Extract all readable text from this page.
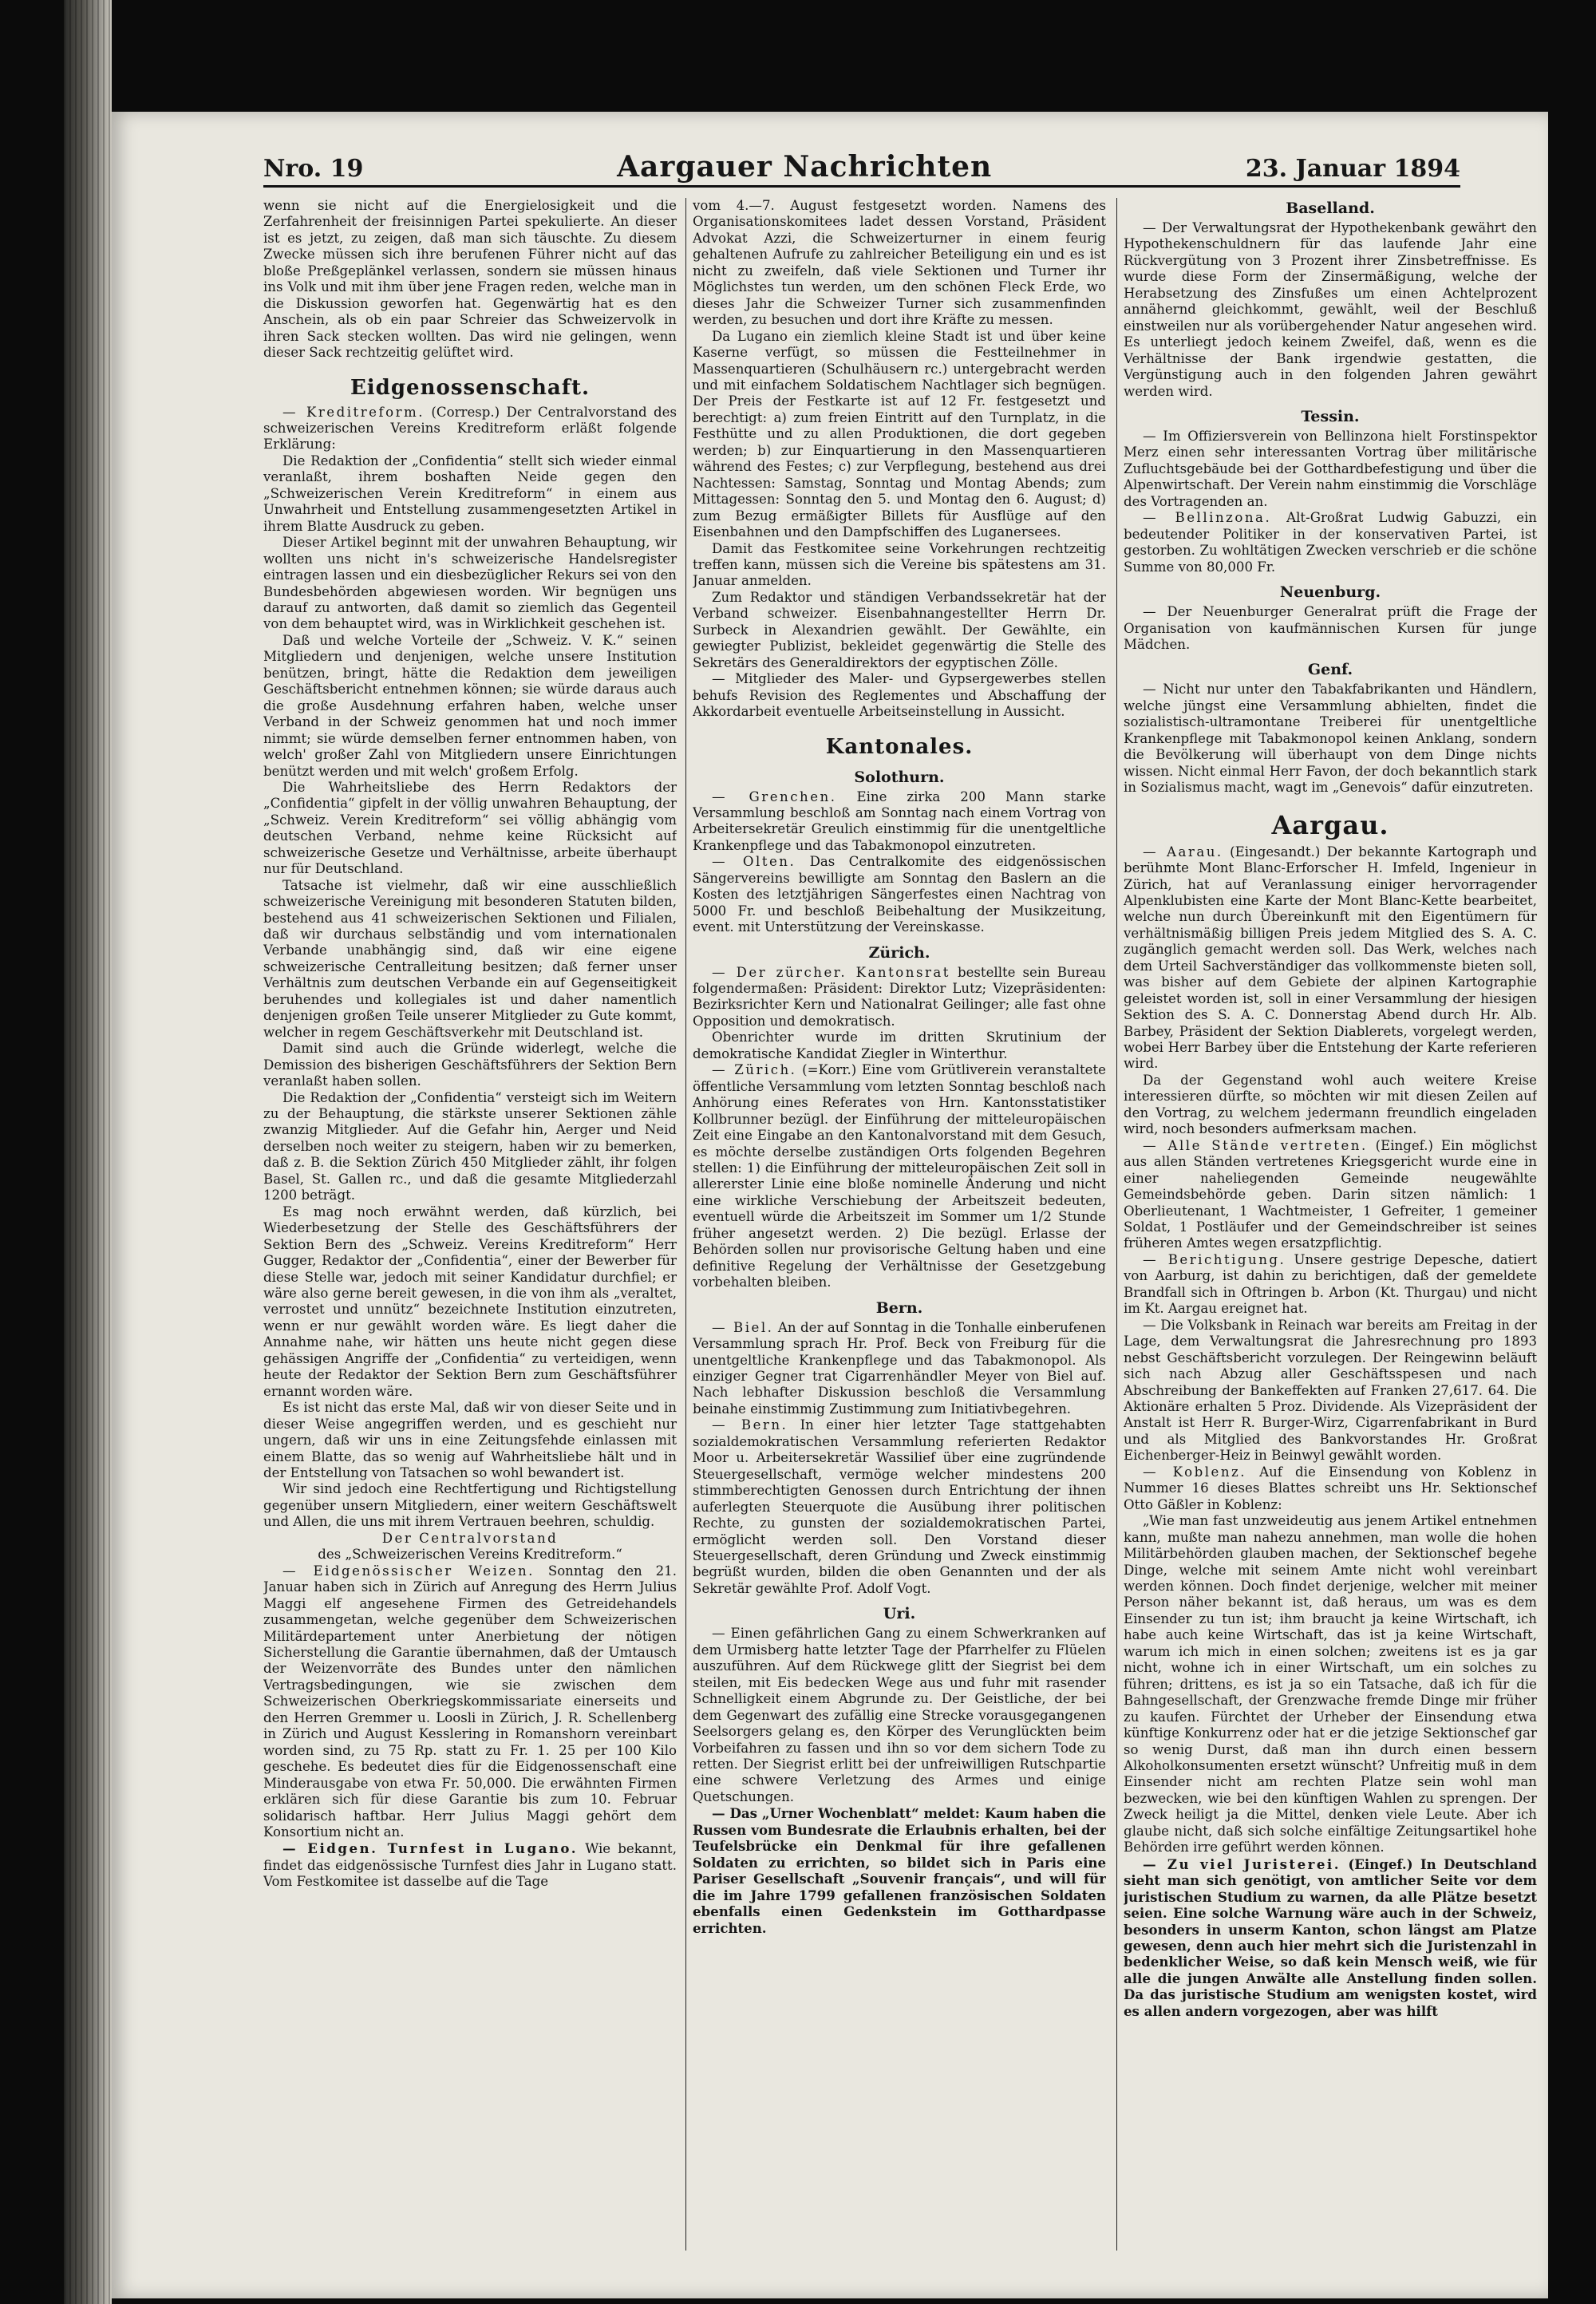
Nro. 19	Aargauer Nachrichten	23. Januar 1894

wenn sie nicht auf die Energielosigkeit und die Zerfahrenheit der freisinnigen Partei spekulierte. An dieser ist es jetzt, zu zeigen, daß man sich täuschte. Zu diesem Zwecke müssen sich ihre berufenen Führer nicht auf das bloße Preßgeplänkel verlassen, sondern sie müssen hinaus ins Volk und mit ihm über jene Fragen reden, welche man in die Diskussion geworfen hat. Gegenwärtig hat es den Anschein, als ob ein paar Schreier das Schweizervolk in ihren Sack stecken wollten. Das wird nie gelingen, wenn dieser Sack rechtzeitig gelüftet wird.

Eidgenossenschaft.

— Kreditreform. (Corresp.) Der Centralvorstand des schweizerischen Vereins Kreditreform erläßt folgende Erklärung:

Die Redaktion der „Confidentia“ stellt sich wieder einmal veranlaßt, ihrem boshaften Neide gegen den „Schweizerischen Verein Kreditreform“ in einem aus Unwahrheit und Entstellung zusammengesetzten Artikel in ihrem Blatte Ausdruck zu geben.

Dieser Artikel beginnt mit der unwahren Behauptung, wir wollten uns nicht in's schweizerische Handelsregister eintragen lassen und ein diesbezüglicher Rekurs sei von den Bundesbehörden abgewiesen worden. Wir begnügen uns darauf zu antworten, daß damit so ziemlich das Gegenteil von dem behauptet wird, was in Wirklichkeit geschehen ist.

Daß und welche Vorteile der „Schweiz. V. K.“ seinen Mitgliedern und denjenigen, welche unsere Institution benützen, bringt, hätte die Redaktion dem jeweiligen Geschäftsbericht entnehmen können; sie würde daraus auch die große Ausdehnung erfahren haben, welche unser Verband in der Schweiz genommen hat und noch immer nimmt; sie würde demselben ferner entnommen haben, von welch' großer Zahl von Mitgliedern unsere Einrichtungen benützt werden und mit welch' großem Erfolg.

Die Wahrheitsliebe des Herrn Redaktors der „Confidentia“ gipfelt in der völlig unwahren Behauptung, der „Schweiz. Verein Kreditreform“ sei völlig abhängig vom deutschen Verband, nehme keine Rücksicht auf schweizerische Gesetze und Verhältnisse, arbeite überhaupt nur für Deutschland.

Tatsache ist vielmehr, daß wir eine ausschließlich schweizerische Vereinigung mit besonderen Statuten bilden, bestehend aus 41 schweizerischen Sektionen und Filialen, daß wir durchaus selbständig und vom internationalen Verbande unabhängig sind, daß wir eine eigene schweizerische Centralleitung besitzen; daß ferner unser Verhältnis zum deutschen Verbande ein auf Gegenseitigkeit beruhendes und kollegiales ist und daher namentlich denjenigen großen Teile unserer Mitglieder zu Gute kommt, welcher in regem Geschäftsverkehr mit Deutschland ist.

Damit sind auch die Gründe widerlegt, welche die Demission des bisherigen Geschäftsführers der Sektion Bern veranlaßt haben sollen.

Die Redaktion der „Confidentia“ versteigt sich im Weitern zu der Behauptung, die stärkste unserer Sektionen zähle zwanzig Mitglieder. Auf die Gefahr hin, Aerger und Neid derselben noch weiter zu steigern, haben wir zu bemerken, daß z. B. die Sektion Zürich 450 Mitglieder zählt, ihr folgen Basel, St. Gallen rc., und daß die gesamte Mitgliederzahl 1200 beträgt.

Es mag noch erwähnt werden, daß kürzlich, bei Wiederbesetzung der Stelle des Geschäftsführers der Sektion Bern des „Schweiz. Vereins Kreditreform“ Herr Gugger, Redaktor der „Confidentia“, einer der Bewerber für diese Stelle war, jedoch mit seiner Kandidatur durchfiel; er wäre also gerne bereit gewesen, in die von ihm als „veraltet, verrostet und unnütz“ bezeichnete Institution einzutreten, wenn er nur gewählt worden wäre. Es liegt daher die Annahme nahe, wir hätten uns heute nicht gegen diese gehässigen Angriffe der „Confidentia“ zu verteidigen, wenn heute der Redaktor der Sektion Bern zum Geschäftsführer ernannt worden wäre.

Es ist nicht das erste Mal, daß wir von dieser Seite und in dieser Weise angegriffen werden, und es geschieht nur ungern, daß wir uns in eine Zeitungsfehde einlassen mit einem Blatte, das so wenig auf Wahrheitsliebe hält und in der Entstellung von Tatsachen so wohl bewandert ist.

Wir sind jedoch eine Rechtfertigung und Richtigstellung gegenüber unsern Mitgliedern, einer weitern Geschäftswelt und Allen, die uns mit ihrem Vertrauen beehren, schuldig.

Der Centralvorstand

des „Schweizerischen Vereins Kreditreform.“

— Eidgenössischer Weizen. Sonntag den 21. Januar haben sich in Zürich auf Anregung des Herrn Julius Maggi elf angesehene Firmen des Getreidehandels zusammengetan, welche gegenüber dem Schweizerischen Militärdepartement unter Anerbietung der nötigen Sicherstellung die Garantie übernahmen, daß der Umtausch der Weizenvorräte des Bundes unter den nämlichen Vertragsbedingungen, wie sie zwischen dem Schweizerischen Oberkriegskommissariate einerseits und den Herren Gremmer u. Loosli in Zürich, J. R. Schellenberg in Zürich und August Kesslering in Romanshorn vereinbart worden sind, zu 75 Rp. statt zu Fr. 1. 25 per 100 Kilo geschehe. Es bedeutet dies für die Eidgenossenschaft eine Minderausgabe von etwa Fr. 50,000. Die erwähnten Firmen erklären sich für diese Garantie bis zum 10. Februar solidarisch haftbar. Herr Julius Maggi gehört dem Konsortium nicht an.

— Eidgen. Turnfest in Lugano. Wie bekannt, findet das eidgenössische Turnfest dies Jahr in Lugano statt. Vom Festkomitee ist dasselbe auf die Tage

vom 4.—7. August festgesetzt worden. Namens des Organisationskomitees ladet dessen Vorstand, Präsident Advokat Azzi, die Schweizerturner in einem feurig gehaltenen Aufrufe zu zahlreicher Beteiligung ein und es ist nicht zu zweifeln, daß viele Sektionen und Turner ihr Möglichstes tun werden, um den schönen Fleck Erde, wo dieses Jahr die Schweizer Turner sich zusammenfinden werden, zu besuchen und dort ihre Kräfte zu messen.

Da Lugano ein ziemlich kleine Stadt ist und über keine Kaserne verfügt, so müssen die Festteilnehmer in Massenquartieren (Schulhäusern rc.) untergebracht werden und mit einfachem Soldatischem Nachtlager sich begnügen. Der Preis der Festkarte ist auf 12 Fr. festgesetzt und berechtigt: a) zum freien Eintritt auf den Turnplatz, in die Festhütte und zu allen Produktionen, die dort gegeben werden; b) zur Einquartierung in den Massenquartieren während des Festes; c) zur Verpflegung, bestehend aus drei Nachtessen: Samstag, Sonntag und Montag Abends; zum Mittagessen: Sonntag den 5. und Montag den 6. August; d) zum Bezug ermäßigter Billets für Ausflüge auf den Eisenbahnen und den Dampfschiffen des Luganersees.

Damit das Festkomitee seine Vorkehrungen rechtzeitig treffen kann, müssen sich die Vereine bis spätestens am 31. Januar anmelden.

Zum Redaktor und ständigen Verbandssekretär hat der Verband schweizer. Eisenbahnangestellter Herrn Dr. Surbeck in Alexandrien gewählt. Der Gewählte, ein gewiegter Publizist, bekleidet gegenwärtig die Stelle des Sekretärs des Generaldirektors der egyptischen Zölle.

— Mitglieder des Maler- und Gypsergewerbes stellen behufs Revision des Reglementes und Abschaffung der Akkordarbeit eventuelle Arbeitseinstellung in Aussicht.

Kantonales.
Solothurn.

— Grenchen. Eine zirka 200 Mann starke Versammlung beschloß am Sonntag nach einem Vortrag von Arbeitersekretär Greulich einstimmig für die unentgeltliche Krankenpflege und das Tabakmonopol einzutreten.

— Olten. Das Centralkomite des eidgenössischen Sängervereins bewilligte am Sonntag den Baslern an die Kosten des letztjährigen Sängerfestes einen Nachtrag von 5000 Fr. und beschloß Beibehaltung der Musikzeitung, event. mit Unterstützung der Vereinskasse.

Zürich.

— Der zürcher. Kantonsrat bestellte sein Bureau folgendermaßen: Präsident: Direktor Lutz; Vizepräsidenten: Bezirksrichter Kern und Nationalrat Geilinger; alle fast ohne Opposition und demokratisch.

Obenrichter wurde im dritten Skrutinium der demokratische Kandidat Ziegler in Winterthur.

— Zürich. (=Korr.) Eine vom Grütliverein veranstaltete öffentliche Versammlung vom letzten Sonntag beschloß nach Anhörung eines Referates von Hrn. Kantonsstatistiker Kollbrunner bezügl. der Einführung der mitteleuropäischen Zeit eine Eingabe an den Kantonalvorstand mit dem Gesuch, es möchte derselbe zuständigen Orts folgenden Begehren stellen: 1) die Einführung der mitteleuropäischen Zeit soll in allererster Linie eine bloße nominelle Änderung und nicht eine wirkliche Verschiebung der Arbeitszeit bedeuten, eventuell würde die Arbeitszeit im Sommer um 1/2 Stunde früher angesetzt werden. 2) Die bezügl. Erlasse der Behörden sollen nur provisorische Geltung haben und eine definitive Regelung der Verhältnisse der Gesetzgebung vorbehalten bleiben.

Bern.

— Biel. An der auf Sonntag in die Tonhalle einberufenen Versammlung sprach Hr. Prof. Beck von Freiburg für die unentgeltliche Krankenpflege und das Tabakmonopol. Als einziger Gegner trat Cigarrenhändler Meyer von Biel auf. Nach lebhafter Diskussion beschloß die Versammlung beinahe einstimmig Zustimmung zum Initiativbegehren.

— Bern. In einer hier letzter Tage stattgehabten sozialdemokratischen Versammlung referierten Redaktor Moor u. Arbeitersekretär Wassilief über eine zugründende Steuergesellschaft, vermöge welcher mindestens 200 stimmberechtigten Genossen durch Entrichtung der ihnen auferlegten Steuerquote die Ausübung ihrer politischen Rechte, zu gunsten der sozialdemokratischen Partei, ermöglicht werden soll. Den Vorstand dieser Steuergesellschaft, deren Gründung und Zweck einstimmig begrüßt wurden, bilden die oben Genannten und der als Sekretär gewählte Prof. Adolf Vogt.

Uri.

— Einen gefährlichen Gang zu einem Schwerkranken auf dem Urmisberg hatte letzter Tage der Pfarrhelfer zu Flüelen auszuführen. Auf dem Rückwege glitt der Siegrist bei dem steilen, mit Eis bedecken Wege aus und fuhr mit rasender Schnelligkeit einem Abgrunde zu. Der Geistliche, der bei dem Gegenwart des zufällig eine Strecke vorausgegangenen Seelsorgers gelang es, den Körper des Verunglückten beim Vorbeifahren zu fassen und ihn so vor dem sichern Tode zu retten. Der Siegrist erlitt bei der unfreiwilligen Rutschpartie eine schwere Verletzung des Armes und einige Quetschungen.

— Das „Urner Wochenblatt“ meldet: Kaum haben die Russen vom Bundesrate die Erlaubnis erhalten, bei der Teufelsbrücke ein Denkmal für ihre gefallenen Soldaten zu errichten, so bildet sich in Paris eine Pariser Gesellschaft „Souvenir français“, und will für die im Jahre 1799 gefallenen französischen Soldaten ebenfalls einen Gedenkstein im Gotthardpasse errichten.

Baselland.

— Der Verwaltungsrat der Hypothekenbank gewährt den Hypothekenschuldnern für das laufende Jahr eine Rückvergütung von 3 Prozent ihrer Zinsbetreffnisse. Es wurde diese Form der Zinsermäßigung, welche der Herabsetzung des Zinsfußes um einen Achtelprozent annähernd gleichkommt, gewählt, weil der Beschluß einstweilen nur als vorübergehender Natur angesehen wird. Es unterliegt jedoch keinem Zweifel, daß, wenn es die Verhältnisse der Bank irgendwie gestatten, die Vergünstigung auch in den folgenden Jahren gewährt werden wird.

Tessin.

— Im Offiziersverein von Bellinzona hielt Forstinspektor Merz einen sehr interessanten Vortrag über militärische Zufluchtsgebäude bei der Gotthardbefestigung und über die Alpenwirtschaft. Der Verein nahm einstimmig die Vorschläge des Vortragenden an.

— Bellinzona. Alt-Großrat Ludwig Gabuzzi, ein bedeutender Politiker in der konservativen Partei, ist gestorben. Zu wohltätigen Zwecken verschrieb er die schöne Summe von 80,000 Fr.

Neuenburg.

— Der Neuenburger Generalrat prüft die Frage der Organisation von kaufmännischen Kursen für junge Mädchen.

Genf.

— Nicht nur unter den Tabakfabrikanten und Händlern, welche jüngst eine Versammlung abhielten, findet die sozialistisch-ultramontane Treiberei für unentgeltliche Krankenpflege mit Tabakmonopol keinen Anklang, sondern die Bevölkerung will überhaupt von dem Dinge nichts wissen. Nicht einmal Herr Favon, der doch bekanntlich stark in Sozialismus macht, wagt im „Genevois“ dafür einzutreten.

Aargau.

— Aarau. (Eingesandt.) Der bekannte Kartograph und berühmte Mont Blanc-Erforscher H. Imfeld, Ingenieur in Zürich, hat auf Veranlassung einiger hervorragender Alpenklubisten eine Karte der Mont Blanc-Kette bearbeitet, welche nun durch Übereinkunft mit den Eigentümern für verhältnismäßig billigen Preis jedem Mitglied des S. A. C. zugänglich gemacht werden soll. Das Werk, welches nach dem Urteil Sachverständiger das vollkommenste bieten soll, was bisher auf dem Gebiete der alpinen Kartographie geleistet worden ist, soll in einer Versammlung der hiesigen Sektion des S. A. C. Donnerstag Abend durch Hr. Alb. Barbey, Präsident der Sektion Diablerets, vorgelegt werden, wobei Herr Barbey über die Entstehung der Karte referieren wird.

Da der Gegenstand wohl auch weitere Kreise interessieren dürfte, so möchten wir mit diesen Zeilen auf den Vortrag, zu welchem jedermann freundlich eingeladen wird, noch besonders aufmerksam machen.

— Alle Stände vertreten. (Eingef.) Ein möglichst aus allen Ständen vertretenes Kriegsgericht wurde eine in einer naheliegenden Gemeinde neugewählte Gemeindsbehörde geben. Darin sitzen nämlich: 1 Oberlieutenant, 1 Wachtmeister, 1 Gefreiter, 1 gemeiner Soldat, 1 Postläufer und der Gemeindschreiber ist seines früheren Amtes wegen ersatzpflichtig.

— Berichtigung. Unsere gestrige Depesche, datiert von Aarburg, ist dahin zu berichtigen, daß der gemeldete Brandfall sich in Oftringen b. Arbon (Kt. Thurgau) und nicht im Kt. Aargau ereignet hat.

— Die Volksbank in Reinach war bereits am Freitag in der Lage, dem Verwaltungsrat die Jahresrechnung pro 1893 nebst Geschäftsbericht vorzulegen. Der Reingewinn beläuft sich nach Abzug aller Geschäftsspesen und nach Abschreibung der Bankeffekten auf Franken 27,617. 64. Die Aktionäre erhalten 5 Proz. Dividende. Als Vizepräsident der Anstalt ist Herr R. Burger-Wirz, Cigarrenfabrikant in Burd und als Mitglied des Bankvorstandes Hr. Großrat Eichenberger-Heiz in Beinwyl gewählt worden.

— Koblenz. Auf die Einsendung von Koblenz in Nummer 16 dieses Blattes schreibt uns Hr. Sektionschef Otto Gäßler in Koblenz:

„Wie man fast unzweideutig aus jenem Artikel entnehmen kann, mußte man nahezu annehmen, man wolle die hohen Militärbehörden glauben machen, der Sektionschef begehe Dinge, welche mit seinem Amte nicht wohl vereinbart werden können. Doch findet derjenige, welcher mit meiner Person näher bekannt ist, daß heraus, um was es dem Einsender zu tun ist; ihm braucht ja keine Wirtschaft, ich habe auch keine Wirtschaft, das ist ja keine Wirtschaft, warum ich mich in einen solchen; zweitens ist es ja gar nicht, wohne ich in einer Wirtschaft, um ein solches zu führen; drittens, es ist ja so ein Tatsache, daß ich für die Bahngesellschaft, der Grenzwache fremde Dinge mir früher zu kaufen. Fürchtet der Urheber der Einsendung etwa künftige Konkurrenz oder hat er die jetzige Sektionschef gar so wenig Durst, daß man ihn durch einen bessern Alkoholkonsumenten ersetzt wünscht? Unfreitig muß in dem Einsender nicht am rechten Platze sein wohl man bezwecken, wie bei den künftigen Wahlen zu sprengen. Der Zweck heiligt ja die Mittel, denken viele Leute. Aber ich glaube nicht, daß sich solche einfältige Zeitungsartikel hohe Behörden irre geführt werden können.

— Zu viel Juristerei. (Eingef.) In Deutschland sieht man sich genötigt, von amtlicher Seite vor dem juristischen Studium zu warnen, da alle Plätze besetzt seien. Eine solche Warnung wäre auch in der Schweiz, besonders in unserm Kanton, schon längst am Platze gewesen, denn auch hier mehrt sich die Juristenzahl in bedenklicher Weise, so daß kein Mensch weiß, wie für alle die jungen Anwälte alle Anstellung finden sollen. Da das juristische Studium am wenigsten kostet, wird es allen andern vorgezogen, aber was hilft
